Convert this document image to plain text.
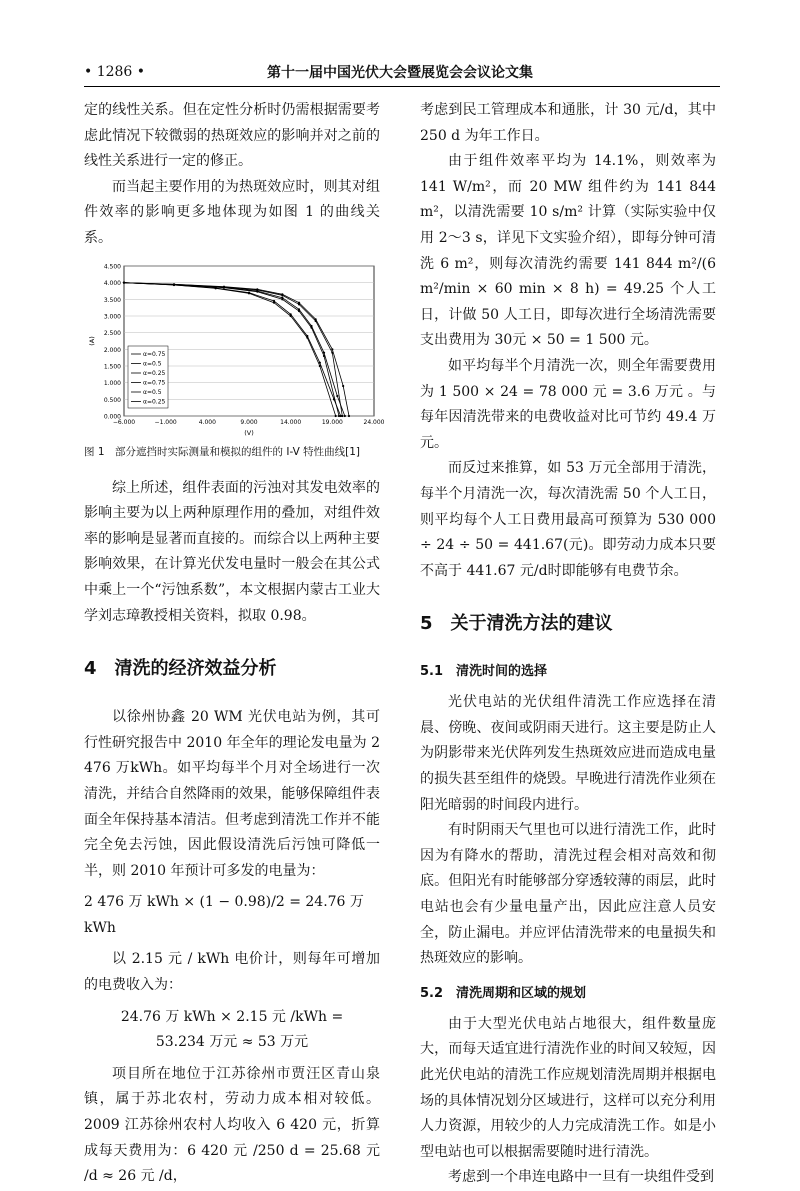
• 1286 •	第十一届中国光伏大会暨展览会会议论文集

定的线性关系。但在定性分析时仍需根据需要考虑此情况下较微弱的热斑效应的影响并对之前的线性关系进行一定的修正。

而当起主要作用的为热斑效应时，则其对组件效率的影响更多地体现为如图 1 的曲线关系。

0.000
0.500
1.000
1.500
2.000
2.500
3.000
3.500
4.000
4.500
−6.000	−1.000	4.000	9.000	14.000	19.000	24.000
(V)
(A)
α=0.75
α=0.5
α=0.25
α=0.75
α=0.5
α=0.25
图 1　部分遮挡时实际测量和模拟的组件的 I-V 特性曲线[1]

综上所述，组件表面的污浊对其发电效率的影响主要为以上两种原理作用的叠加，对组件效率的影响是显著而直接的。而综合以上两种主要影响效果，在计算光伏发电量时一般会在其公式中乘上一个“污蚀系数”，本文根据内蒙古工业大学刘志璋教授相关资料，拟取 0.98。

4　清洗的经济效益分析

以徐州协鑫 20 WM 光伏电站为例，其可行性研究报告中 2010 年全年的理论发电量为 2 476 万kWh。如平均每半个月对全场进行一次清洗，并结合自然降雨的效果，能够保障组件表面全年保持基本清洁。但考虑到清洗工作并不能完全免去污蚀，因此假设清洗后污蚀可降低一半，则 2010 年预计可多发的电量为：

2 476 万 kWh × (1 − 0.98)/2 = 24.76 万 kWh

以 2.15 元 / kWh 电价计，则每年可增加的电费收入为：

24.76 万 kWh × 2.15 元 /kWh =

53.234 万元 ≈ 53 万元

项目所在地位于江苏徐州市贾汪区青山泉镇，属于苏北农村，劳动力成本相对较低。2009 江苏徐州农村人均收入 6 420 元，折算成每天费用为：6 420 元 /250 d = 25.68 元 /d ≈ 26 元 /d，

考虑到民工管理成本和通胀，计 30 元/d，其中 250 d 为年工作日。

由于组件效率平均为 14.1%，则效率为 141 W/m²，而 20 MW 组件约为 141 844 m²，以清洗需要 10 s/m² 计算（实际实验中仅用 2～3 s，详见下文实验介绍），即每分钟可清洗 6 m²，则每次清洗约需要 141 844 m²/(6 m²/min × 60 min × 8 h) = 49.25 个人工日，计做 50 人工日，即每次进行全场清洗需要支出费用为 30元 × 50 = 1 500 元。

如平均每半个月清洗一次，则全年需要费用为 1 500 × 24 = 78 000 元 = 3.6 万元 。与每年因清洗带来的电费收益对比可节约 49.4 万元。

而反过来推算，如 53 万元全部用于清洗，每半个月清洗一次，每次清洗需 50 个人工日，则平均每个人工日费用最高可预算为 530 000 ÷ 24 ÷ 50 = 441.67(元)。即劳动力成本只要不高于 441.67 元/d时即能够有电费节余。

5　关于清洗方法的建议
5.1　清洗时间的选择

光伏电站的光伏组件清洗工作应选择在清晨、傍晚、夜间或阴雨天进行。这主要是防止人为阴影带来光伏阵列发生热斑效应进而造成电量的损失甚至组件的烧毁。早晚进行清洗作业须在阳光暗弱的时间段内进行。

有时阴雨天气里也可以进行清洗工作，此时因为有降水的帮助，清洗过程会相对高效和彻底。但阳光有时能够部分穿透较薄的雨层，此时电站也会有少量电量产出，因此应注意人员安全，防止漏电。并应评估清洗带来的电量损失和热斑效应的影响。

5.2　清洗周期和区域的规划

由于大型光伏电站占地很大，组件数量庞大，而每天适宜进行清洗作业的时间又较短，因此光伏电站的清洗工作应规划清洗周期并根据电场的具体情况划分区域进行，这样可以充分利用人力资源，用较少的人力完成清洗工作。如是小型电站也可以根据需要随时进行清洗。

考虑到一个串连电路中一旦有一块组件受到
